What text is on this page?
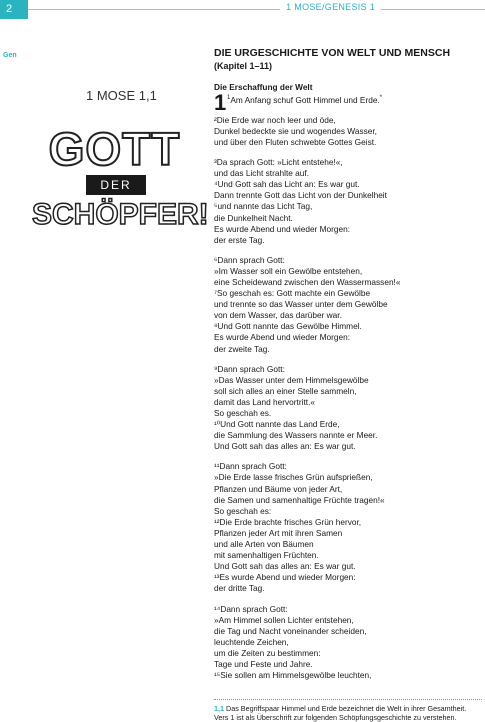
2	1 MOSE/GENESIS 1
Gen
1 MOSE 1,1
GOTT
DER
SCHÖPFER!
DIE URGESCHICHTE VON WELT UND MENSCH
(Kapitel 1–11)
Die Erschaffung der Welt
1 $^1$Am Anfang schuf Gott Himmel und Erde.*

²Die Erde war noch leer und öde,
Dunkel bedeckte sie und wogendes Wasser,
und über den Fluten schwebte Gottes Geist.

³Da sprach Gott: »Licht entstehe!«,
und das Licht strahlte auf.
⁴Und Gott sah das Licht an: Es war gut.
Dann trennte Gott das Licht von der Dunkelheit
⁵und nannte das Licht Tag,
die Dunkelheit Nacht.
Es wurde Abend und wieder Morgen:
der erste Tag.

⁶Dann sprach Gott:
»Im Wasser soll ein Gewölbe entstehen,
eine Scheidewand zwischen den Wassermassen!«
⁷So geschah es: Gott machte ein Gewölbe
und trennte so das Wasser unter dem Gewölbe
von dem Wasser, das darüber war.
⁸Und Gott nannte das Gewölbe Himmel.
Es wurde Abend und wieder Morgen:
der zweite Tag.

⁹Dann sprach Gott:
»Das Wasser unter dem Himmelsgewölbe
soll sich alles an einer Stelle sammeln,
damit das Land hervortritt.«
So geschah es.
¹⁰Und Gott nannte das Land Erde,
die Sammlung des Wassers nannte er Meer.
Und Gott sah das alles an: Es war gut.

¹¹Dann sprach Gott:
»Die Erde lasse frisches Grün aufsprießen,
Pflanzen und Bäume von jeder Art,
die Samen und samenhaltige Früchte tragen!«
So geschah es:
¹²Die Erde brachte frisches Grün hervor,
Pflanzen jeder Art mit ihren Samen
und alle Arten von Bäumen
mit samenhaltigen Früchten.
Und Gott sah das alles an: Es war gut.
¹³Es wurde Abend und wieder Morgen:
der dritte Tag.

¹⁴Dann sprach Gott:
»Am Himmel sollen Lichter entstehen,
die Tag und Nacht voneinander scheiden,
leuchtende Zeichen,
um die Zeiten zu bestimmen:
Tage und Feste und Jahre.
¹⁵Sie sollen am Himmelsgewölbe leuchten,

1,1 Das Begriffspaar Himmel und Erde bezeichnet die Welt in ihrer Gesamtheit. Vers 1 ist als Überschrift zur folgenden Schöpfungsgeschichte zu verstehen.
